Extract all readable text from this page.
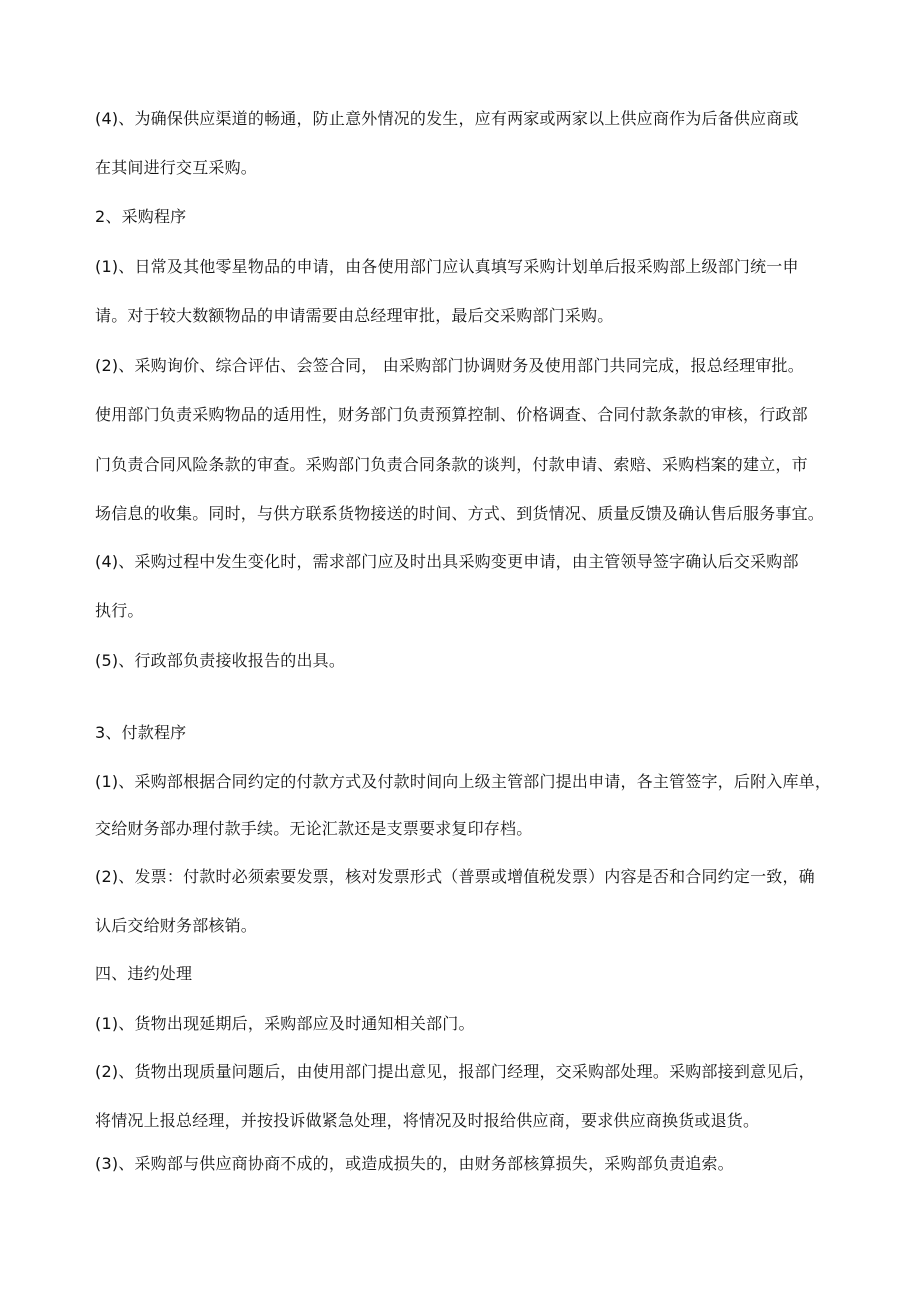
(4)、为确保供应渠道的畅通，防止意外情况的发生，应有两家或两家以上供应商作为后备供应商或
在其间进行交互采购。
2、采购程序
(1)、日常及其他零星物品的申请，由各使用部门应认真填写采购计划单后报采购部上级部门统一申
请。对于较大数额物品的申请需要由总经理审批，最后交采购部门采购。
(2)、采购询价、综合评估、会签合同， 由采购部门协调财务及使用部门共同完成，报总经理审批。
使用部门负责采购物品的适用性，财务部门负责预算控制、价格调查、合同付款条款的审核，行政部
门负责合同风险条款的审查。采购部门负责合同条款的谈判，付款申请、索赔、采购档案的建立，市
场信息的收集。同时，与供方联系货物接送的时间、方式、到货情况、质量反馈及确认售后服务事宜。
(4)、采购过程中发生变化时，需求部门应及时出具采购变更申请，由主管领导签字确认后交采购部
执行。
(5)、行政部负责接收报告的出具。
3、付款程序
(1)、采购部根据合同约定的付款方式及付款时间向上级主管部门提出申请，各主管签字，后附入库单，
交给财务部办理付款手续。无论汇款还是支票要求复印存档。
(2)、发票：付款时必须索要发票，核对发票形式（普票或增值税发票）内容是否和合同约定一致，确
认后交给财务部核销。
四、违约处理
(1)、货物出现延期后，采购部应及时通知相关部门。
(2)、货物出现质量问题后，由使用部门提出意见，报部门经理，交采购部处理。采购部接到意见后，
将情况上报总经理，并按投诉做紧急处理，将情况及时报给供应商，要求供应商换货或退货。
(3)、采购部与供应商协商不成的，或造成损失的，由财务部核算损失，采购部负责追索。
